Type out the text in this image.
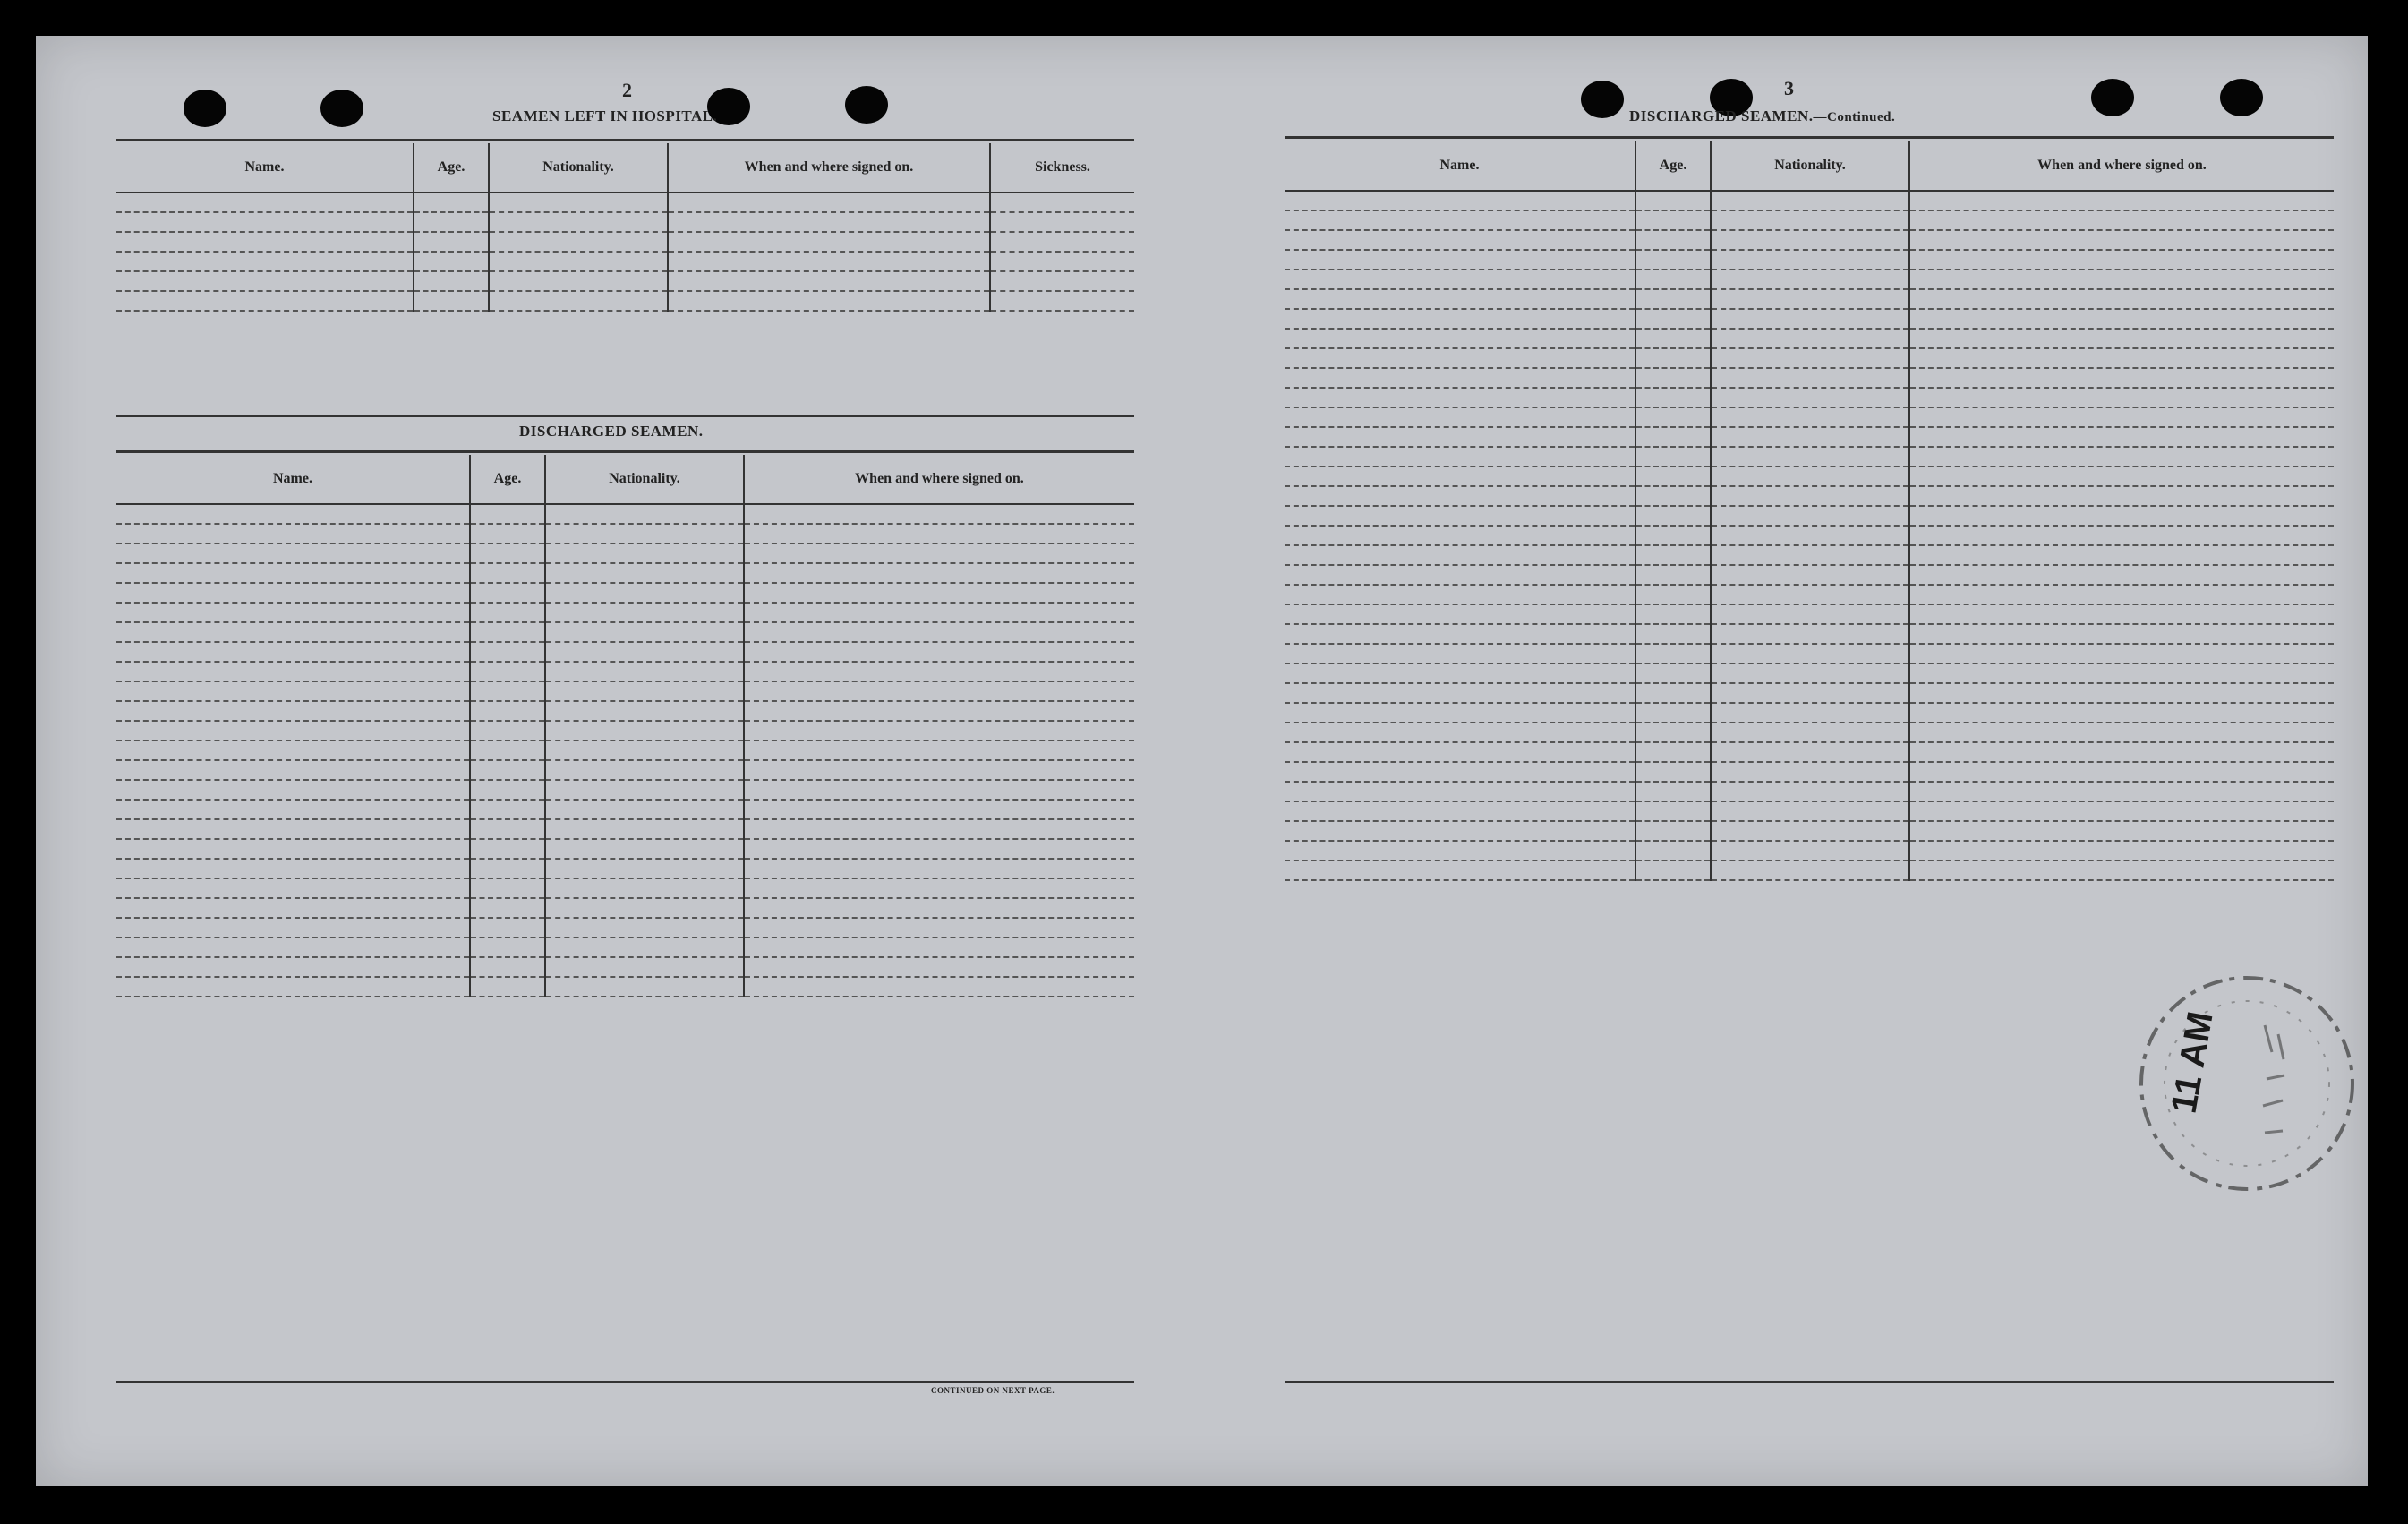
2
SEAMEN LEFT IN HOSPITAL.
Name.	Age.	Nationality.	When and where signed on.	Sickness.

DISCHARGED SEAMEN.
Name.	Age.	Nationality.	When and where signed on.

CONTINUED ON NEXT PAGE.
3
DISCHARGED SEAMEN.—Continued.
Name.	Age.	Nationality.	When and where signed on.

11 AM
